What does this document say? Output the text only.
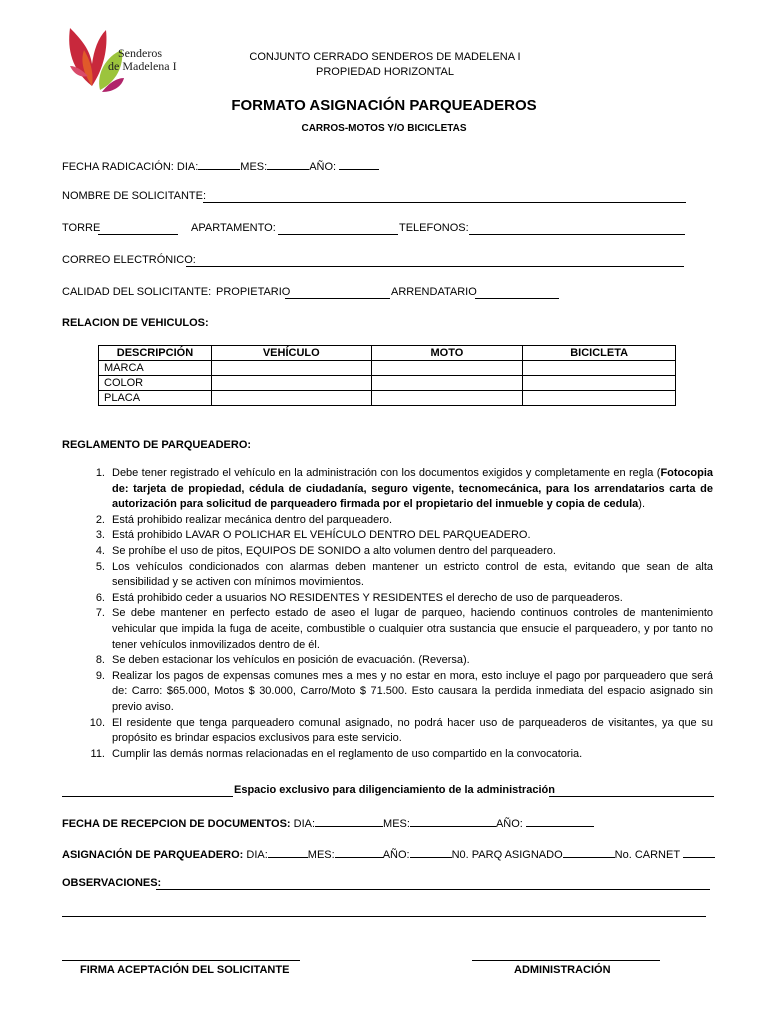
Senderos
de Madelena I
CONJUNTO CERRADO SENDEROS DE MADELENA I
PROPIEDAD HORIZONTAL
FORMATO ASIGNACIÓN PARQUEADEROS
CARROS-MOTOS Y/O BICICLETAS
FECHA RADICACIÓN: DIA:	MES:	AÑO:
NOMBRE DE SOLICITANTE:
TORRE	APARTAMENTO:	TELEFONOS:
CORREO ELECTRÓNICO:
CALIDAD DEL SOLICITANTE: PROPIETARIO	ARRENDATARIO
RELACION DE VEHICULOS:
DESCRIPCIÓN	VEHÍCULO	MOTO	BICICLETA
MARCA			
COLOR			
PLACA			
REGLAMENTO DE PARQUEADERO:
1. Debe tener registrado el vehículo en la administración con los documentos exigidos y completamente en regla (Fotocopia de: tarjeta de propiedad, cédula de ciudadanía, seguro vigente, tecnomecánica, para los arrendatarios carta de autorización para solicitud de parqueadero firmada por el propietario del inmueble y copia de cedula).
2. Está prohibido realizar mecánica dentro del parqueadero.
3. Está prohibido LAVAR O POLICHAR EL VEHÍCULO DENTRO DEL PARQUEADERO.
4. Se prohíbe el uso de pitos, EQUIPOS DE SONIDO a alto volumen dentro del parqueadero.
5. Los vehículos condicionados con alarmas deben mantener un estricto control de esta, evitando que sean de alta sensibilidad y se activen con mínimos movimientos.
6. Está prohibido ceder a usuarios NO RESIDENTES Y RESIDENTES el derecho de uso de parqueaderos.
7. Se debe mantener en perfecto estado de aseo el lugar de parqueo, haciendo continuos controles de mantenimiento vehicular que impida la fuga de aceite, combustible o cualquier otra sustancia que ensucie el parqueadero, y por tanto no tener vehículos inmovilizados dentro de él.
8. Se deben estacionar los vehículos en posición de evacuación. (Reversa).
9. Realizar los pagos de expensas comunes mes a mes y no estar en mora, esto incluye el pago por parqueadero que será de: Carro: $65.000, Motos $ 30.000, Carro/Moto $ 71.500. Esto causara la perdida inmediata del espacio asignado sin previo aviso.
10. El residente que tenga parqueadero comunal asignado, no podrá hacer uso de parqueaderos de visitantes, ya que su propósito es brindar espacios exclusivos para este servicio.
11. Cumplir las demás normas relacionadas en el reglamento de uso compartido en la convocatoria.
Espacio exclusivo para diligenciamiento de la administración
FECHA DE RECEPCION DE DOCUMENTOS: DIA:	MES:	AÑO:
ASIGNACIÓN DE PARQUEADERO: DIA:	MES:	AÑO:	N0. PARQ ASIGNADO	No. CARNET
OBSERVACIONES:
FIRMA ACEPTACIÓN DEL SOLICITANTE	ADMINISTRACIÓN
